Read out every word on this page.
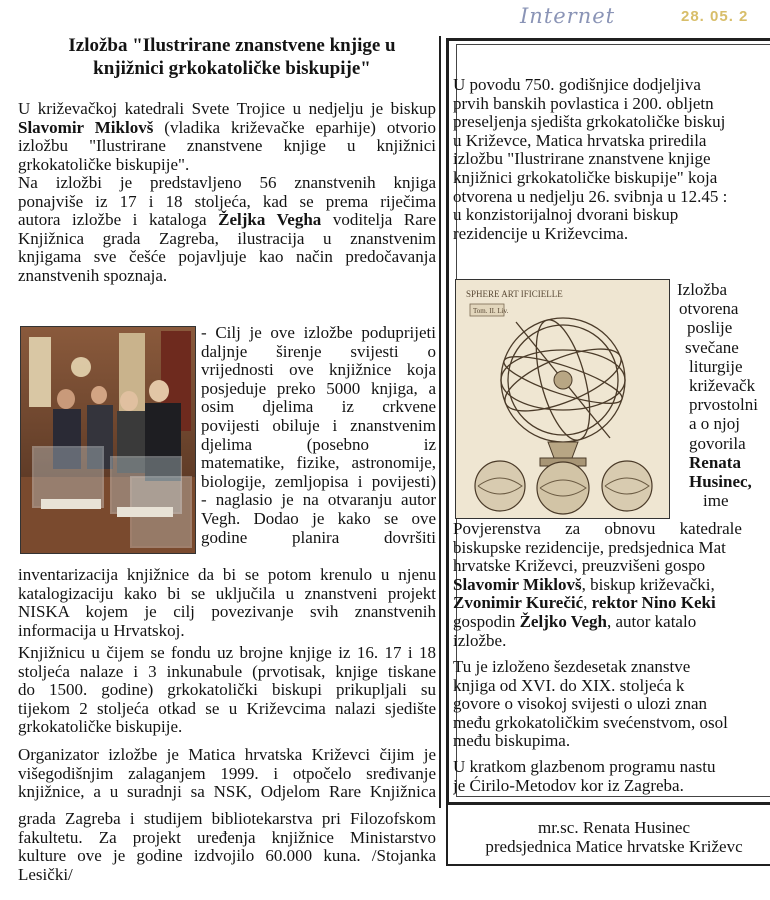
Internet	28. 05. 2
Izložba "Ilustrirane znanstvene knjige u
knjižnici grkokatoličke biskupije"
U križevačkoj katedrali Svete Trojice u nedjelju je biskup
Slavomir Miklovš (vladika križevačke eparhije) otvorio
izložbu "Ilustrirane znanstvene knjige u knjižnici
grkokatoličke biskupije".
Na izložbi je predstavljeno 56 znanstvenih knjiga
ponajviše iz 17 i 18 stoljeća, kad se prema riječima
autora izložbe i kataloga Željka Vegha voditelja Rare
Knjižnica grada Zagreba, ilustracija u znanstvenim
knjigama sve češće pojavljuje kao način predočavanja
znanstvenih spoznaja.
- Cilj je ove izložbe poduprijeti
daljnje širenje svijesti o
vrijednosti ove knjižnice koja
posjeduje preko 5000 knjiga, a
osim djelima iz crkvene
povijesti obiluje i znanstvenim
djelima (posebno iz
matematike, fizike, astronomije,
biologije, zemljopisa i povijesti)
- naglasio je na otvaranju autor
Vegh. Dodao je kako se ove
godine planira dovršiti
inventarizacija knjižnice da bi se potom krenulo u njenu
katalogizaciju kako bi se uključila u znanstveni projekt
NISKA kojem je cilj povezivanje svih znanstvenih
informacija u Hrvatskoj.
Knjižnicu u čijem se fondu uz brojne knjige iz 16. 17 i 18
stoljeća nalaze i 3 inkunabule (prvotisak, knjige tiskane
do 1500. godine) grkokatolički biskupi prikupljali su
tijekom 2 stoljeća otkad se u Križevcima nalazi sjedište
grkokatoličke biskupije.
Organizator izložbe je Matica hrvatska Križevci čijim je
višegodišnjim zalaganjem 1999. i otpočelo sređivanje
knjižnice, a u suradnji sa NSK, Odjelom Rare Knjižnica
grada Zagreba i studijem bibliotekarstva pri Filozofskom
fakultetu. Za projekt uređenja knjižnice Ministarstvo
kulture ove je godine izdvojilo 60.000 kuna. /Stojanka
Lesički/
U povodu 750. godišnjice dodjeljiva
prvih banskih povlastica i 200. obljetn
preseljenja sjedišta grkokatoličke biskuj
u Križevce, Matica hrvatska priredila
izložbu "Ilustrirane znanstvene knjige
knjižnici grkokatoličke biskupije" koja
otvorena u nedjelju 26. svibnja u 12.45 :
u konzistorijalnoj dvorani biskup
rezidencije u Križevcima.
SPHERE ART IFICIELLE
Tom. II. Liv.
Izložba
otvorena
poslije
svečane
liturgije
križevačk
prvostolni
a o njoj
govorila
Renata
Husinec,
ime
Povjerenstva za obnovu katedrale
biskupske rezidencije, predsjednica Mat
hrvatske Križevci, preuzvišeni gospo
Slavomir Miklovš, biskup križevački,
Zvonimir Kurečić, rektor Nino Keki
gospodin Željko Vegh, autor katalo
izložbe.
Tu je izloženo šezdesetak znanstve
knjiga od XVI. do XIX. stoljeća k
govore o visokoj svijesti o ulozi znan
među grkokatoličkim svećenstvom, osol
među biskupima.
U kratkom glazbenom programu nastu
je Ćirilo-Metodov kor iz Zagreba.
mr.sc. Renata Husinec
predsjednica Matice hrvatske Križevc
